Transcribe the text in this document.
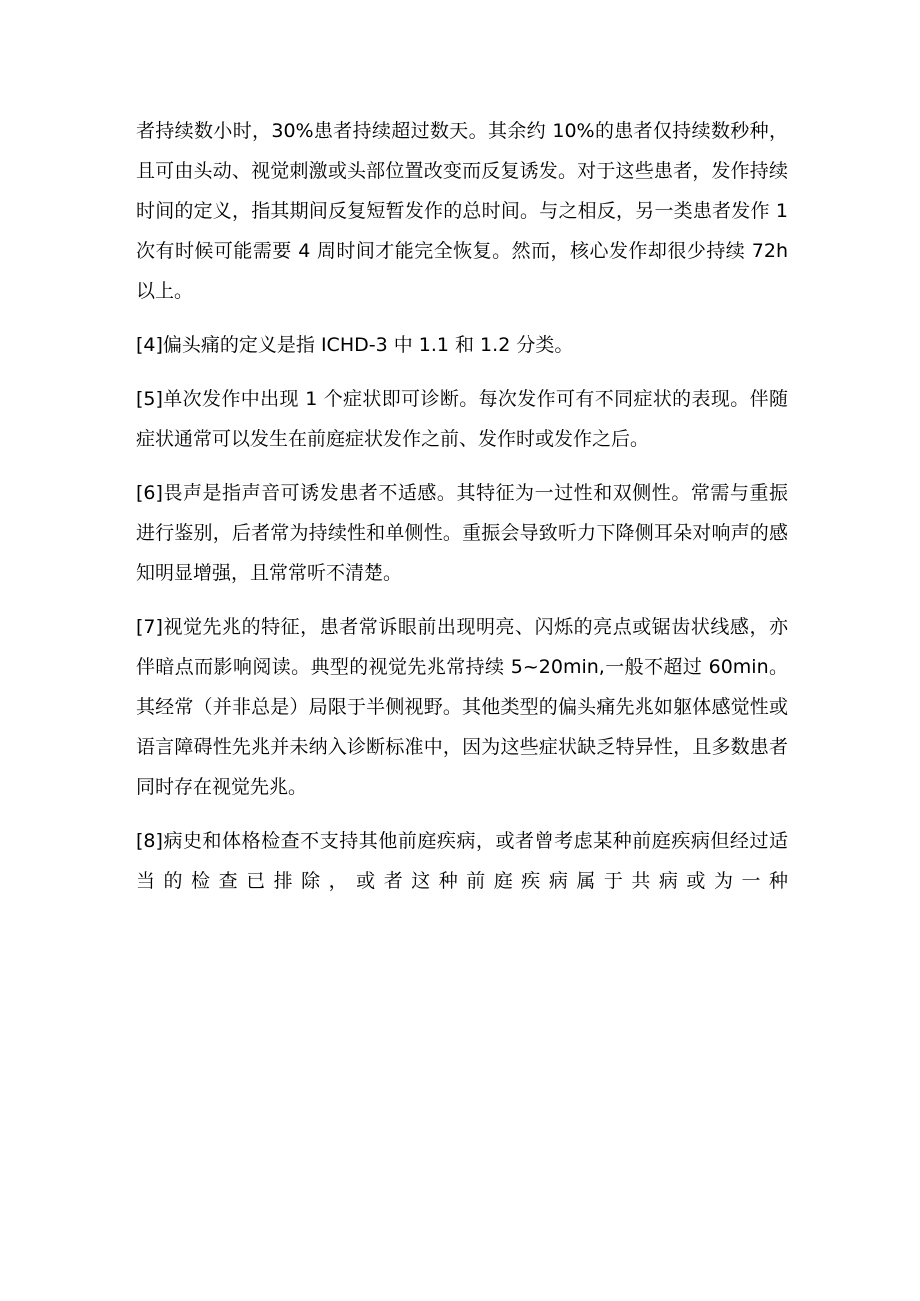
者持续数小时，30%患者持续超过数天。其余约 10%的患者仅持续数秒种，且可由头动、视觉刺激或头部位置改变而反复诱发。对于这些患者，发作持续时间的定义，指其期间反复短暂发作的总时间。与之相反，另一类患者发作 1 次有时候可能需要 4 周时间才能完全恢复。然而，核心发作却很少持续 72h 以上。

[4]偏头痛的定义是指 ICHD-3 中 1.1 和 1.2 分类。

[5]单次发作中出现 1 个症状即可诊断。每次发作可有不同症状的表现。伴随症状通常可以发生在前庭症状发作之前、发作时或发作之后。

[6]畏声是指声音可诱发患者不适感。其特征为一过性和双侧性。常需与重振进行鉴别，后者常为持续性和单侧性。重振会导致听力下降侧耳朵对响声的感知明显增强，且常常听不清楚。

[7]视觉先兆的特征，患者常诉眼前出现明亮、闪烁的亮点或锯齿状线感，亦伴暗点而影响阅读。典型的视觉先兆常持续 5~20min,一般不超过 60min。其经常（并非总是）局限于半侧视野。其他类型的偏头痛先兆如躯体感觉性或语言障碍性先兆并未纳入诊断标准中，因为这些症状缺乏特异性，且多数患者同时存在视觉先兆。

[8]病史和体格检查不支持其他前庭疾病，或者曾考虑某种前庭疾病但经过适当的检查已排除，或者这种前庭疾病属于共病或为一种
